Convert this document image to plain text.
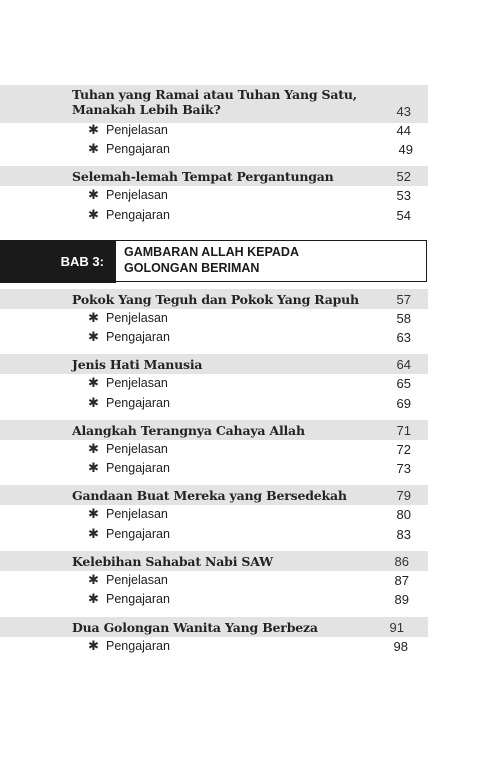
Tuhan yang Ramai atau Tuhan Yang Satu,
Manakah Lebih Baik?	43
✱ Penjelasan	44
✱ Pengajaran	49
Selemah-lemah Tempat Pergantungan	52
✱ Penjelasan	53
✱ Pengajaran	54
BAB 3:
GAMBARAN ALLAH KEPADA
GOLONGAN BERIMAN
Pokok Yang Teguh dan Pokok Yang Rapuh	57
✱ Penjelasan	58
✱ Pengajaran	63
Jenis Hati Manusia	64
✱ Penjelasan	65
✱ Pengajaran	69
Alangkah Terangnya Cahaya Allah	71
✱ Penjelasan	72
✱ Pengajaran	73
Gandaan Buat Mereka yang Bersedekah	79
✱ Penjelasan	80
✱ Pengajaran	83
Kelebihan Sahabat Nabi SAW	86
✱ Penjelasan	87
✱ Pengajaran	89
Dua Golongan Wanita Yang Berbeza	91
✱ Pengajaran	98
